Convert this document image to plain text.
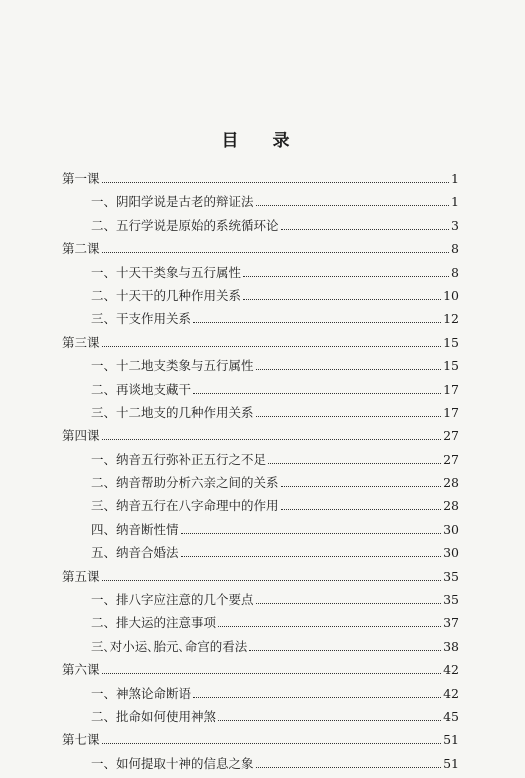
目 录
第一课	1
一、阴阳学说是古老的辩证法	1
二、五行学说是原始的系统循环论	3
第二课	8
一、十天干类象与五行属性	8
二、十天干的几种作用关系	10
三、干支作用关系	12
第三课	15
一、十二地支类象与五行属性	15
二、再谈地支藏干	17
三、十二地支的几种作用关系	17
第四课	27
一、纳音五行弥补正五行之不足	27
二、纳音帮助分析六亲之间的关系	28
三、纳音五行在八字命理中的作用	28
四、纳音断性情	30
五、纳音合婚法	30
第五课	35
一、排八字应注意的几个要点	35
二、排大运的注意事项	37
三､对小运､胎元､命宫的看法	38
第六课	42
一、神煞论命断语	42
二、批命如何使用神煞	45
第七课	51
一、如何提取十神的信息之象	51
